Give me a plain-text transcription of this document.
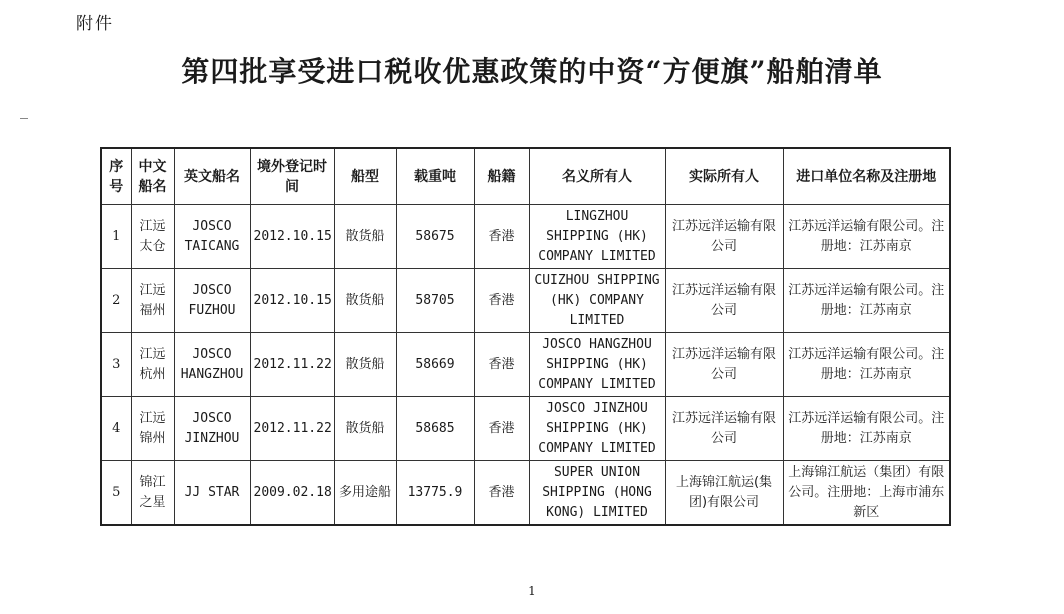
附件
第四批享受进口税收优惠政策的中资“方便旗”船舶清单
序号	中文船名	英文船名	境外登记时间	船型	载重吨	船籍	名义所有人	实际所有人	进口单位名称及注册地
1	江远太仓	JOSCO TAICANG	2012.10.15	散货船	58675	香港	LINGZHOU SHIPPING (HK) COMPANY LIMITED	江苏远洋运输有限公司	江苏远洋运输有限公司。注册地：江苏南京
2	江远福州	JOSCO FUZHOU	2012.10.15	散货船	58705	香港	CUIZHOU SHIPPING (HK) COMPANY LIMITED	江苏远洋运输有限公司	江苏远洋运输有限公司。注册地：江苏南京
3	江远杭州	JOSCO HANGZHOU	2012.11.22	散货船	58669	香港	JOSCO HANGZHOU SHIPPING (HK) COMPANY LIMITED	江苏远洋运输有限公司	江苏远洋运输有限公司。注册地：江苏南京
4	江远锦州	JOSCO JINZHOU	2012.11.22	散货船	58685	香港	JOSCO JINZHOU SHIPPING (HK) COMPANY LIMITED	江苏远洋运输有限公司	江苏远洋运输有限公司。注册地：江苏南京
5	锦江之星	JJ STAR	2009.02.18	多用途船	13775.9	香港	SUPER UNION SHIPPING (HONG KONG) LIMITED	上海锦江航运(集团)有限公司	上海锦江航运（集团）有限公司。注册地：上海市浦东新区
1
